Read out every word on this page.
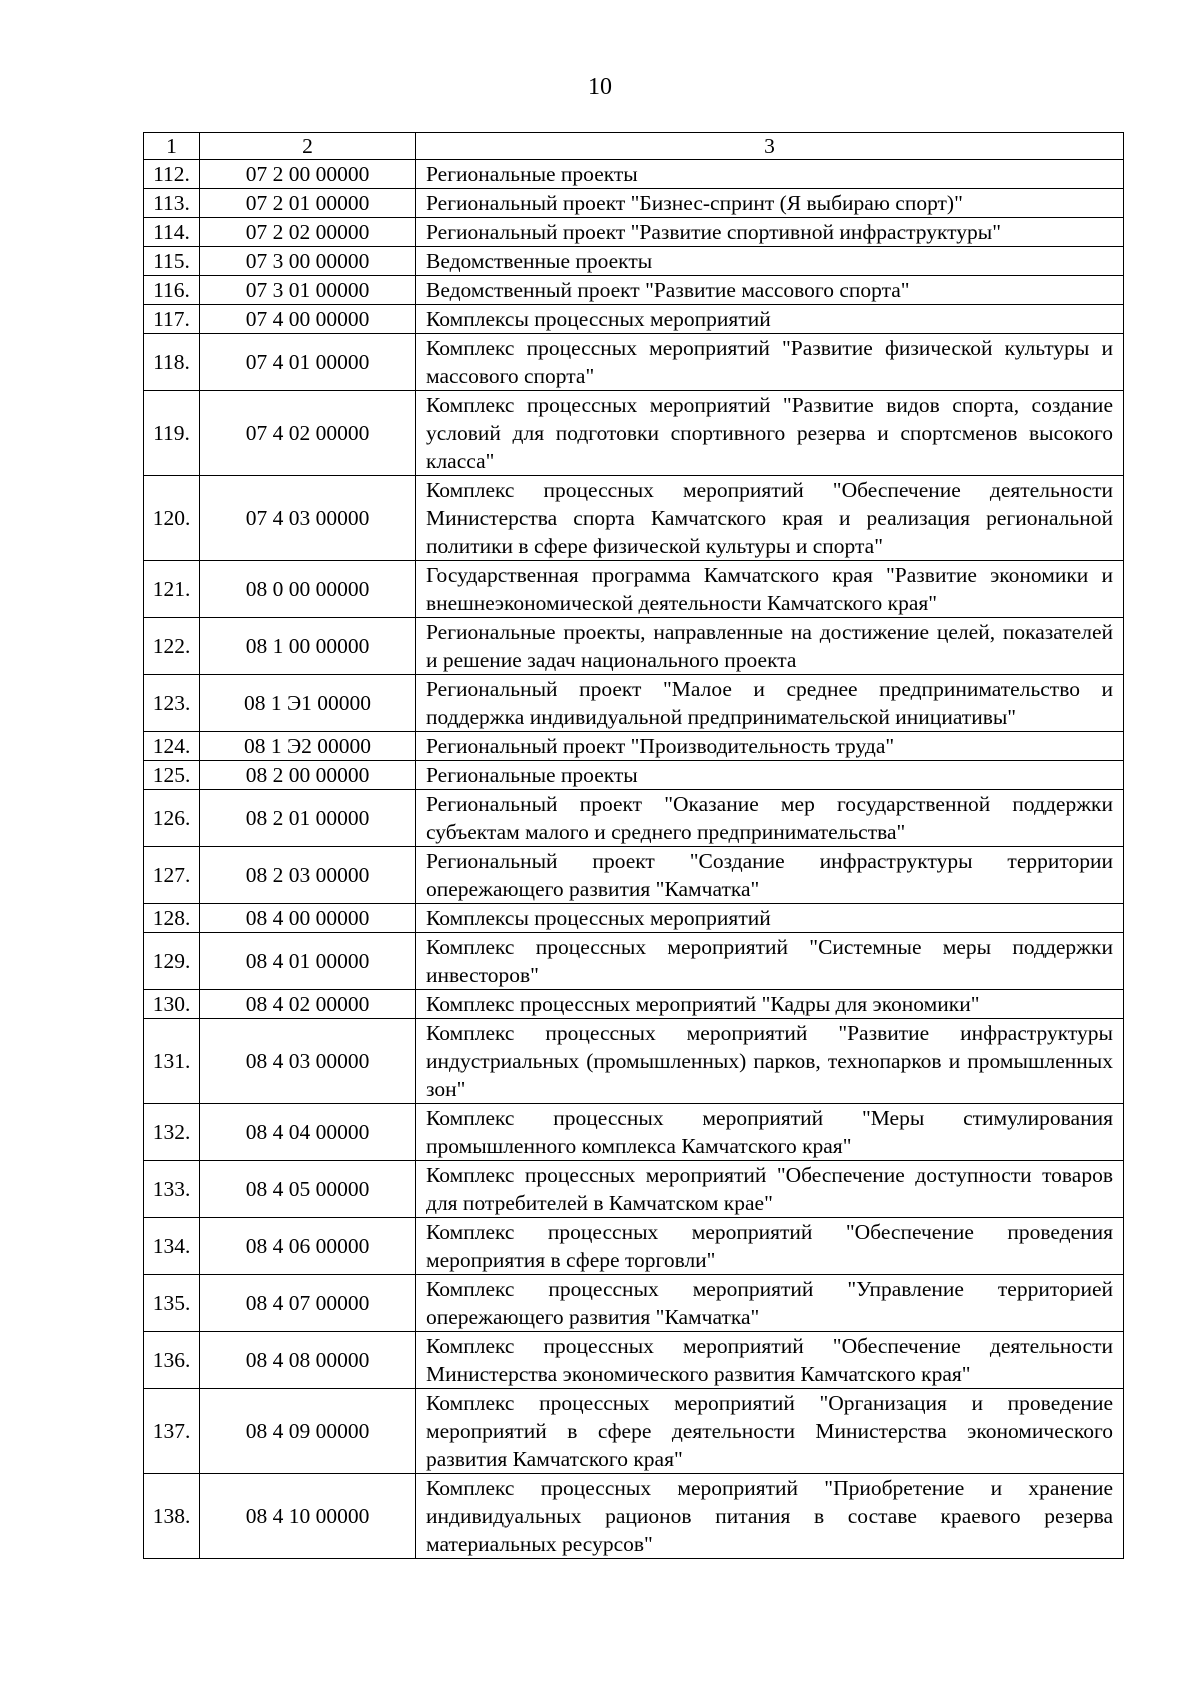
10
1	2	3
112.	07 2 00 00000	Региональные проекты
113.	07 2 01 00000	Региональный проект "Бизнес-спринт (Я выбираю спорт)"
114.	07 2 02 00000	Региональный проект "Развитие спортивной инфраструктуры"
115.	07 3 00 00000	Ведомственные проекты
116.	07 3 01 00000	Ведомственный проект "Развитие массового спорта"
117.	07 4 00 00000	Комплексы процессных мероприятий
118.	07 4 01 00000	Комплекс процессных мероприятий "Развитие физической культуры и массового спорта"
119.	07 4 02 00000	Комплекс процессных мероприятий "Развитие видов спорта, создание условий для подготовки спортивного резерва и спортсменов высокого класса"
120.	07 4 03 00000	Комплекс процессных мероприятий "Обеспечение деятельности Министерства спорта Камчатского края и реализация региональной политики в сфере физической культуры и спорта"
121.	08 0 00 00000	Государственная программа Камчатского края "Развитие экономики и внешнеэкономической деятельности Камчатского края"
122.	08 1 00 00000	Региональные проекты, направленные на достижение целей, показателей и решение задач национального проекта
123.	08 1 Э1 00000	Региональный проект "Малое и среднее предпринимательство и поддержка индивидуальной предпринимательской инициативы"
124.	08 1 Э2 00000	Региональный проект "Производительность труда"
125.	08 2 00 00000	Региональные проекты
126.	08 2 01 00000	Региональный проект "Оказание мер государственной поддержки субъектам малого и среднего предпринимательства"
127.	08 2 03 00000	Региональный проект "Создание инфраструктуры территории опережающего развития "Камчатка"
128.	08 4 00 00000	Комплексы процессных мероприятий
129.	08 4 01 00000	Комплекс процессных мероприятий "Системные меры поддержки инвесторов"
130.	08 4 02 00000	Комплекс процессных мероприятий "Кадры для экономики"
131.	08 4 03 00000	Комплекс процессных мероприятий "Развитие инфраструктуры индустриальных (промышленных) парков, технопарков и промышленных зон"
132.	08 4 04 00000	Комплекс процессных мероприятий "Меры стимулирования промышленного комплекса Камчатского края"
133.	08 4 05 00000	Комплекс процессных мероприятий "Обеспечение доступности товаров для потребителей в Камчатском крае"
134.	08 4 06 00000	Комплекс процессных мероприятий "Обеспечение проведения мероприятия в сфере торговли"
135.	08 4 07 00000	Комплекс процессных мероприятий "Управление территорией опережающего развития "Камчатка"
136.	08 4 08 00000	Комплекс процессных мероприятий "Обеспечение деятельности Министерства экономического развития Камчатского края"
137.	08 4 09 00000	Комплекс процессных мероприятий "Организация и проведение мероприятий в сфере деятельности Министерства экономического развития Камчатского края"
138.	08 4 10 00000	Комплекс процессных мероприятий "Приобретение и хранение индивидуальных рационов питания в составе краевого резерва материальных ресурсов"
